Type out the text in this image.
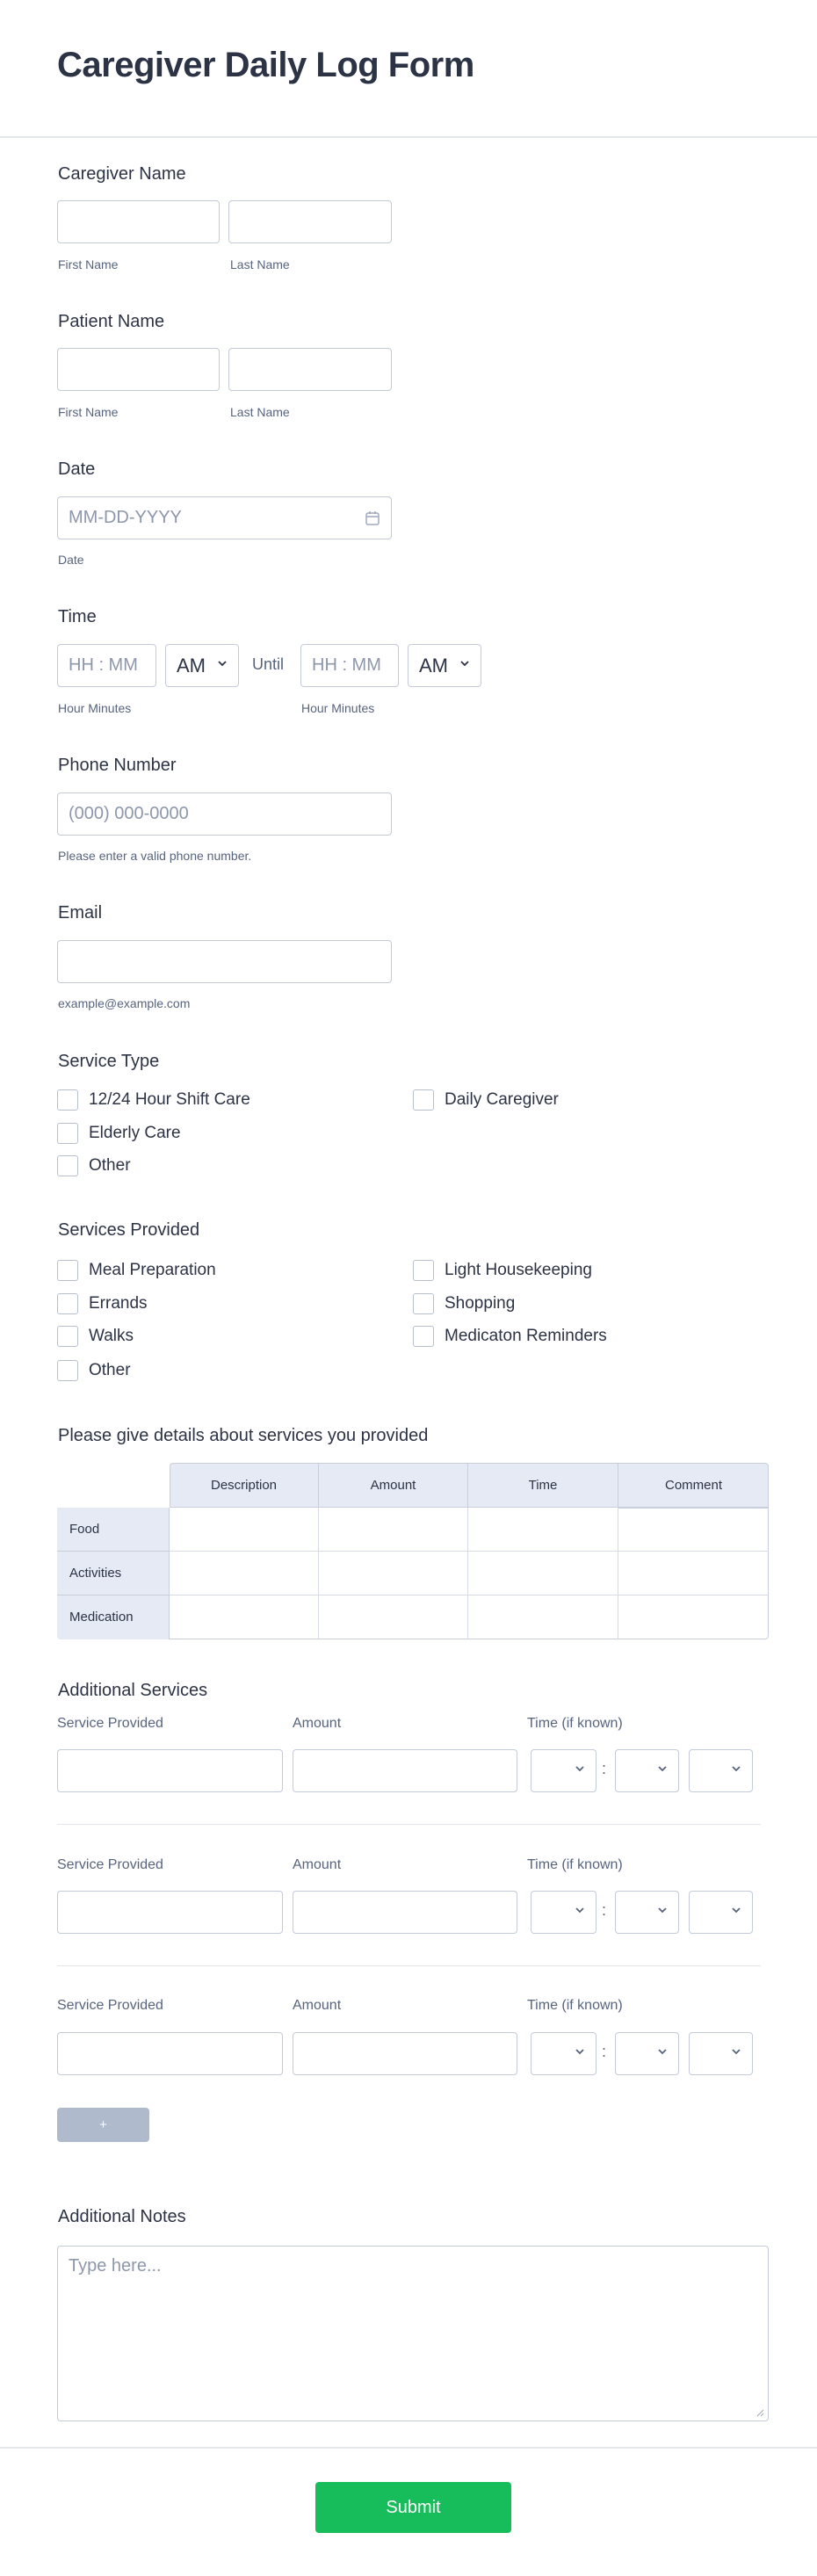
Caregiver Daily Log Form
Caregiver Name
First Name	Last Name
Patient Name
First Name	Last Name
Date
MM-DD-YYYY
Date
Time
HH : MM	AM	Until	HH : MM	AM
Hour Minutes	Hour Minutes
Phone Number
(000) 000-0000
Please enter a valid phone number.
Email
example@example.com
Service Type
12/24 Hour Shift Care	Daily Caregiver
Elderly Care
Other
Services Provided
Meal Preparation	Light Housekeeping
Errands	Shopping
Walks	Medicaton Reminders
Other
Please give details about services you provided
Description	Amount	Time	Comment
Food
Activities
Medication
Additional Services
Service Provided	Amount	Time (if known)
:
Service Provided	Amount	Time (if known)
:
Service Provided	Amount	Time (if known)
:
+
Additional Notes
Type here...
Submit
